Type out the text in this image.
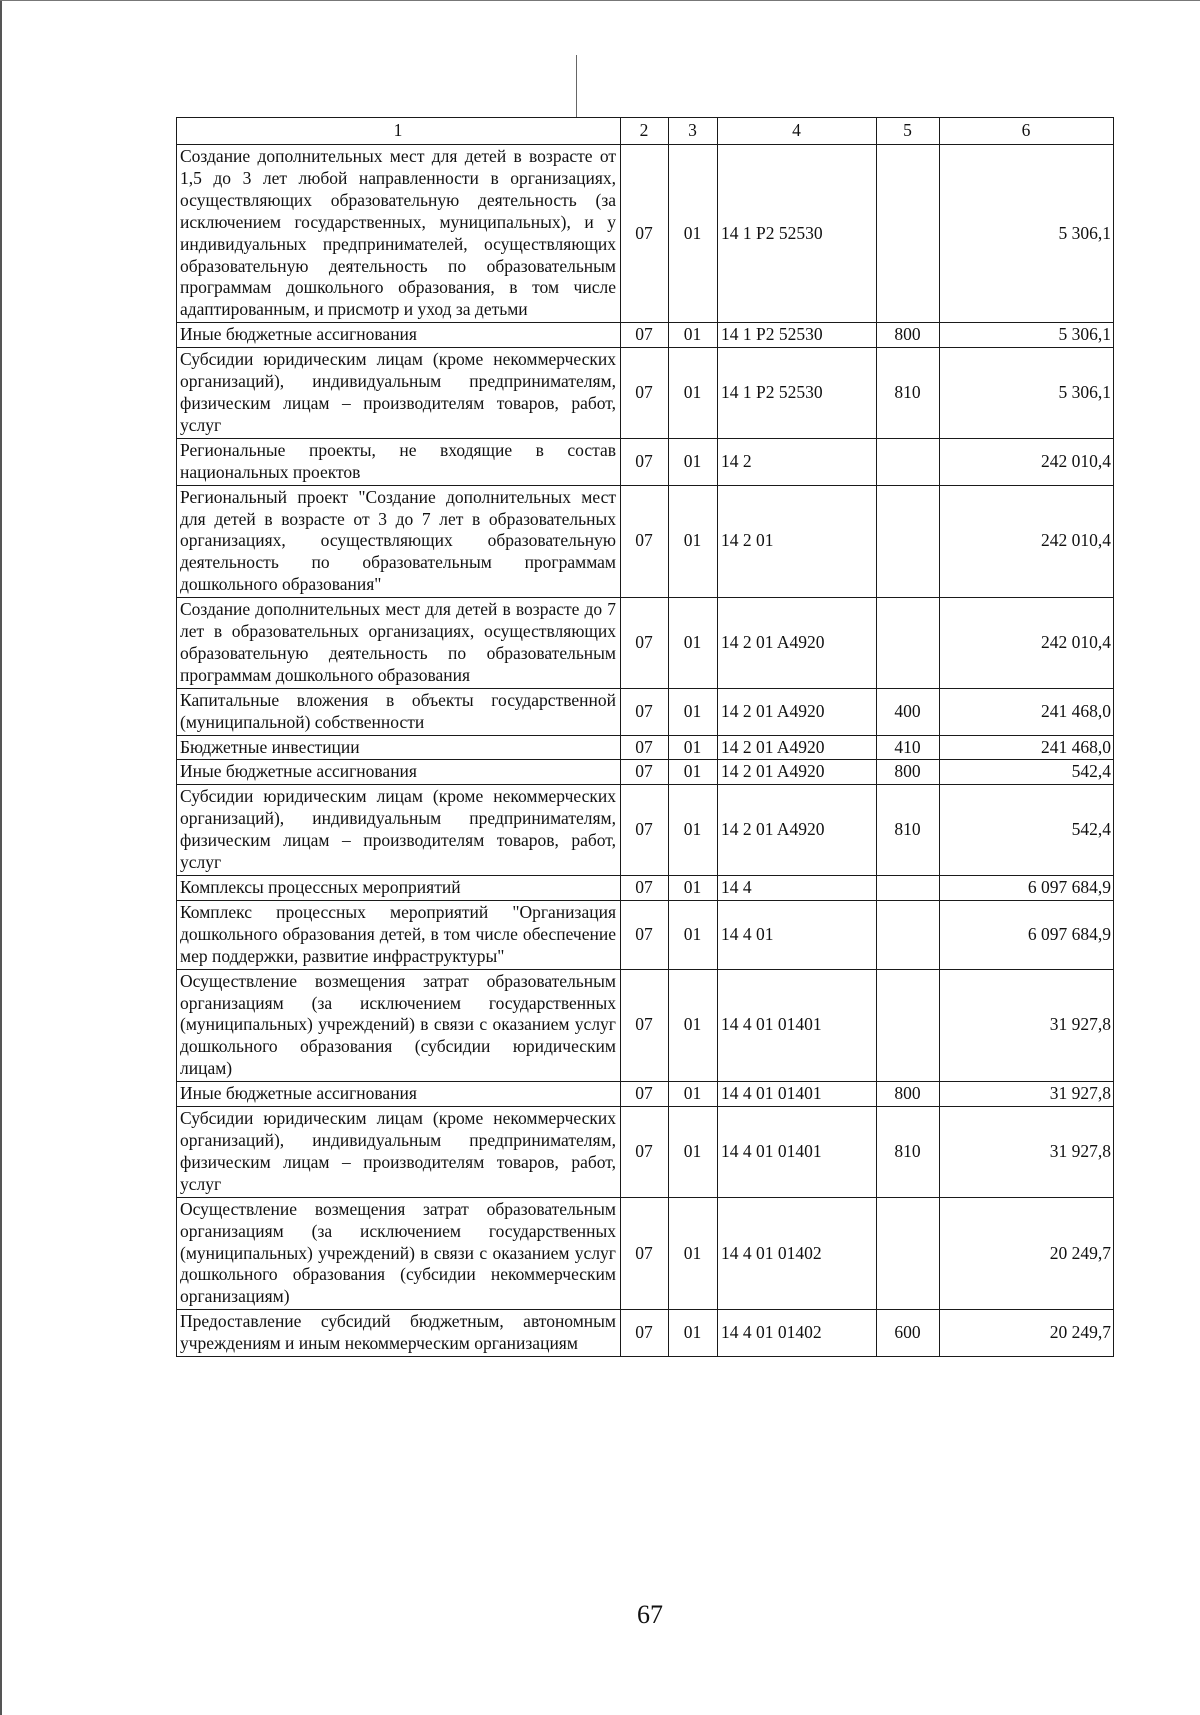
1	2	3	4	5	6
Создание дополнительных мест для детей в возрасте от 1,5 до 3 лет любой направленности в организациях, осуществляющих образовательную деятельность (за исключением государственных, муниципальных), и у индивидуальных предпринимателей, осуществляющих образовательную деятельность по образовательным программам дошкольного образования, в том числе адаптированным, и присмотр и уход за детьми	07	01	14 1 P2 52530		5 306,1
Иные бюджетные ассигнования	07	01	14 1 P2 52530	800	5 306,1
Субсидии юридическим лицам (кроме некоммерческих организаций), индивидуальным предпринимателям, физическим лицам – производителям товаров, работ, услуг	07	01	14 1 P2 52530	810	5 306,1
Региональные проекты, не входящие в состав национальных проектов	07	01	14 2		242 010,4
Региональный проект "Создание дополнительных мест для детей в возрасте от 3 до 7 лет в образовательных организациях, осуществляющих образовательную деятельность по образовательным программам дошкольного образования"	07	01	14 2 01		242 010,4
Создание дополнительных мест для детей в возрасте до 7 лет в образовательных организациях, осуществляющих образовательную деятельность по образовательным программам дошкольного образования	07	01	14 2 01 A4920		242 010,4
Капитальные вложения в объекты государственной (муниципальной) собственности	07	01	14 2 01 A4920	400	241 468,0
Бюджетные инвестиции	07	01	14 2 01 A4920	410	241 468,0
Иные бюджетные ассигнования	07	01	14 2 01 A4920	800	542,4
Субсидии юридическим лицам (кроме некоммерческих организаций), индивидуальным предпринимателям, физическим лицам – производителям товаров, работ, услуг	07	01	14 2 01 A4920	810	542,4
Комплексы процессных мероприятий	07	01	14 4		6 097 684,9
Комплекс процессных мероприятий "Организация дошкольного образования детей, в том числе обеспечение мер поддержки, развитие инфраструктуры"	07	01	14 4 01		6 097 684,9
Осуществление возмещения затрат образовательным организациям (за исключением государственных (муниципальных) учреждений) в связи с оказанием услуг дошкольного образования (субсидии юридическим лицам)	07	01	14 4 01 01401		31 927,8
Иные бюджетные ассигнования	07	01	14 4 01 01401	800	31 927,8
Субсидии юридическим лицам (кроме некоммерческих организаций), индивидуальным предпринимателям, физическим лицам – производителям товаров, работ, услуг	07	01	14 4 01 01401	810	31 927,8
Осуществление возмещения затрат образовательным организациям (за исключением государственных (муниципальных) учреждений) в связи с оказанием услуг дошкольного образования (субсидии некоммерческим организациям)	07	01	14 4 01 01402		20 249,7
Предоставление субсидий бюджетным, автономным учреждениям и иным некоммерческим организациям	07	01	14 4 01 01402	600	20 249,7
67
